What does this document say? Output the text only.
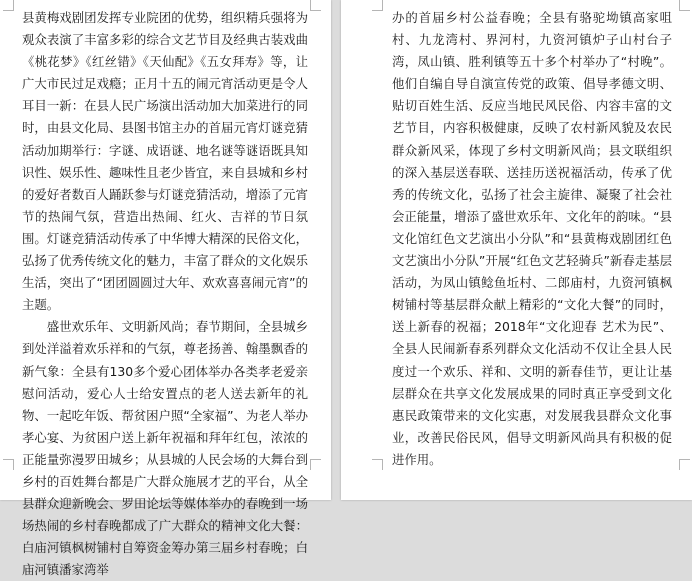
县黄梅戏剧团发挥专业院团的优势，组织精兵强将为观众表演了丰富多彩的综合文艺节目及经典古装戏曲《桃花梦》《红丝错》《天仙配》《五女拜寿》等，让广大市民过足戏瘾；正月十五的闹元宵活动更是令人耳目一新：在县人民广场演出活动加大加菜进行的同时，由县文化局、县图书馆主办的首届元宵灯谜竞猜活动加期举行：字谜、成语谜、地名谜等谜语既具知识性、娱乐性、趣味性且老少皆宜，来自县城和乡村的爱好者数百人踊跃参与灯谜竞猜活动，增添了元宵节的热闹气氛，营造出热闹、红火、吉祥的节日氛围。灯谜竞猜活动传承了中华博大精深的民俗文化，弘扬了优秀传统文化的魅力，丰富了群众的文化娱乐生活，突出了“团团圆圆过大年、欢欢喜喜闹元宵”的主题。

盛世欢乐年、文明新风尚；春节期间，全县城乡到处洋溢着欢乐祥和的气氛，尊老扬善、翰墨飘香的新气象：全县有130多个爱心团体举办各类孝老爱亲慰问活动，爱心人士给安置点的老人送去新年的礼物、一起吃年饭、帮贫困户照“全家福”、为老人举办孝心宴、为贫困户送上新年祝福和拜年红包，浓浓的正能量弥漫罗田城乡；从县城的人民会场的大舞台到乡村的百姓舞台都是广大群众施展才艺的平台，从全县群众迎新晚会、罗田论坛等媒体举办的春晚到一场场热闹的乡村春晚都成了广大群众的精神文化大餐：白庙河镇枫树铺村自筹资金筹办第三届乡村春晚；白庙河镇潘家湾举

办的首届乡村公益春晚；全县有骆驼坳镇高家咀村、九龙湾村、界河村，九资河镇炉子山村台子湾，凤山镇、胜利镇等五十多个村举办了“村晚”。他们自编自导自演宣传党的政策、倡导孝德文明、贴切百姓生活、反应当地民风民俗、内容丰富的文艺节目，内容积极健康，反映了农村新风貌及农民群众新风采，体现了乡村文明新风尚；县文联组织的深入基层送春联、送挂历送祝福活动，传承了优秀的传统文化，弘扬了社会主旋律、凝聚了社会社会正能量，增添了盛世欢乐年、文化年的韵味。“县文化馆红色文艺演出小分队”和“县黄梅戏剧团红色文艺演出小分队”开展“红色文艺轻骑兵”新春走基层活动，为凤山镇鲶鱼坵村、二郎庙村，九资河镇枫树铺村等基层群众献上精彩的“文化大餐”的同时，送上新春的祝福；2018年“文化迎春 艺术为民”、全县人民闹新春系列群众文化活动不仅让全县人民度过一个欢乐、祥和、文明的新春佳节，更让让基层群众在共享文化发展成果的同时真正享受到文化惠民政策带来的文化实惠，对发展我县群众文化事业，改善民俗民风，倡导文明新风尚具有积极的促进作用。
